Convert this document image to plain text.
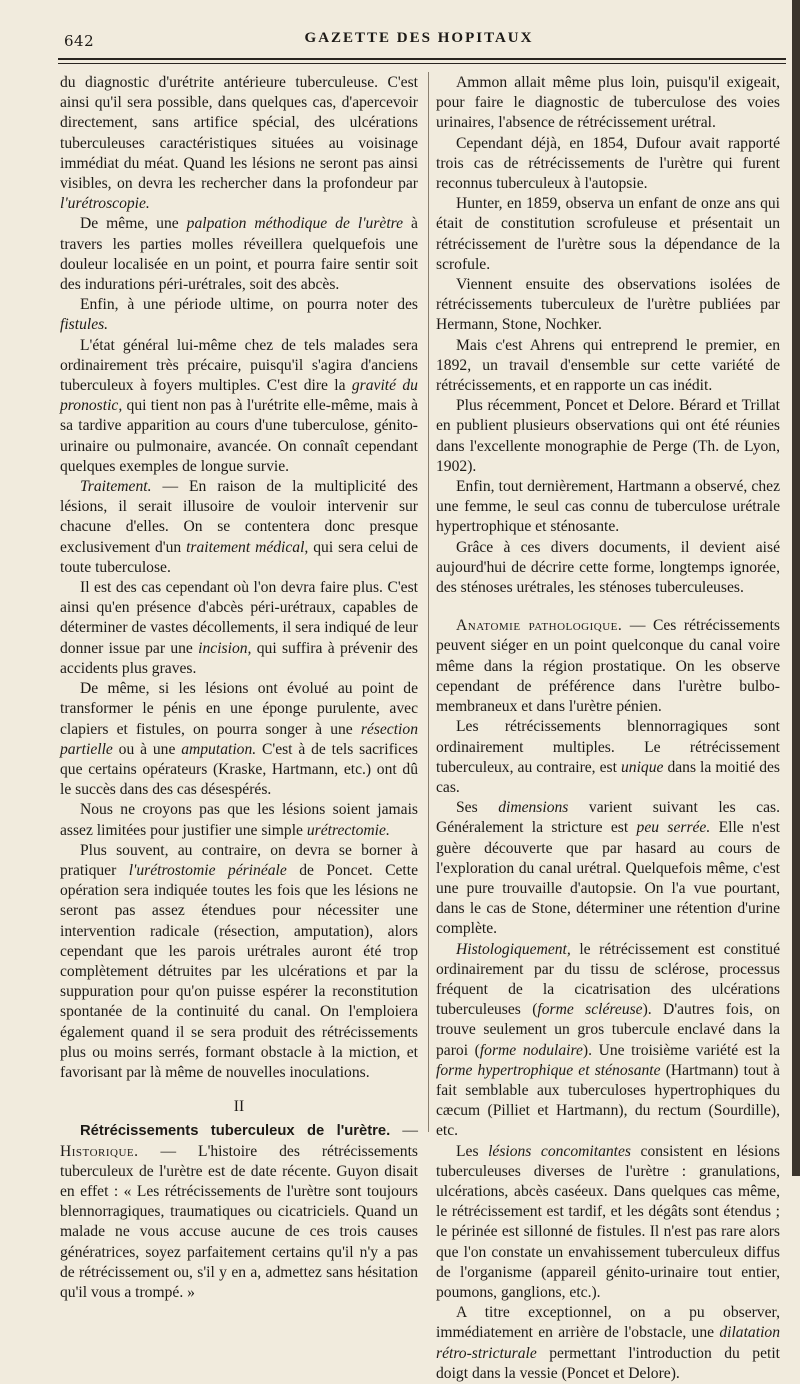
642	GAZETTE DES HOPITAUX

du diagnostic d'urétrite antérieure tuberculeuse. C'est ainsi qu'il sera possible, dans quelques cas, d'apercevoir directement, sans artifice spécial, des ulcérations tuberculeuses caractéristiques situées au voisinage immédiat du méat. Quand les lésions ne seront pas ainsi visibles, on devra les rechercher dans la profondeur par l'urétroscopie.

De même, une palpation méthodique de l'urètre à travers les parties molles réveillera quelquefois une douleur localisée en un point, et pourra faire sentir soit des indurations péri-urétrales, soit des abcès.

Enfin, à une période ultime, on pourra noter des fistules.

L'état général lui-même chez de tels malades sera ordinairement très précaire, puisqu'il s'agira d'anciens tuberculeux à foyers multiples. C'est dire la gravité du pronostic, qui tient non pas à l'urétrite elle-même, mais à sa tardive apparition au cours d'une tuberculose, génito-urinaire ou pulmonaire, avancée. On connaît cependant quelques exemples de longue survie.

Traitement. — En raison de la multiplicité des lésions, il serait illusoire de vouloir intervenir sur chacune d'elles. On se contentera donc presque exclusivement d'un traitement médical, qui sera celui de toute tuberculose.

Il est des cas cependant où l'on devra faire plus. C'est ainsi qu'en présence d'abcès péri-urétraux, capables de déterminer de vastes décollements, il sera indiqué de leur donner issue par une incision, qui suffira à prévenir des accidents plus graves.

De même, si les lésions ont évolué au point de transformer le pénis en une éponge purulente, avec clapiers et fistules, on pourra songer à une résection partielle ou à une amputation. C'est à de tels sacrifices que certains opérateurs (Kraske, Hartmann, etc.) ont dû le succès dans des cas désespérés.

Nous ne croyons pas que les lésions soient jamais assez limitées pour justifier une simple urétrectomie.

Plus souvent, au contraire, on devra se borner à pratiquer l'urétrostomie périnéale de Poncet. Cette opération sera indiquée toutes les fois que les lésions ne seront pas assez étendues pour nécessiter une intervention radicale (résection, amputation), alors cependant que les parois urétrales auront été trop complètement détruites par les ulcérations et par la suppuration pour qu'on puisse espérer la reconstitution spontanée de la continuité du canal. On l'emploiera également quand il se sera produit des rétrécissements plus ou moins serrés, formant obstacle à la miction, et favorisant par là même de nouvelles inoculations.

II

Rétrécissements tuberculeux de l'urètre. — Historique. — L'histoire des rétrécissements tuberculeux de l'urètre est de date récente. Guyon disait en effet : « Les rétrécissements de l'urètre sont toujours blennorragiques, traumatiques ou cicatriciels. Quand un malade ne vous accuse aucune de ces trois causes génératrices, soyez parfaitement certains qu'il n'y a pas de rétrécissement ou, s'il y en a, admettez sans hésitation qu'il vous a trompé. »

Ammon allait même plus loin, puisqu'il exigeait, pour faire le diagnostic de tuberculose des voies urinaires, l'absence de rétrécissement urétral.

Cependant déjà, en 1854, Dufour avait rapporté trois cas de rétrécissements de l'urètre qui furent reconnus tuberculeux à l'autopsie.

Hunter, en 1859, observa un enfant de onze ans qui était de constitution scrofuleuse et présentait un rétrécissement de l'urètre sous la dépendance de la scrofule.

Viennent ensuite des observations isolées de rétrécissements tuberculeux de l'urètre publiées par Hermann, Stone, Nochker.

Mais c'est Ahrens qui entreprend le premier, en 1892, un travail d'ensemble sur cette variété de rétrécissements, et en rapporte un cas inédit.

Plus récemment, Poncet et Delore. Bérard et Trillat en publient plusieurs observations qui ont été réunies dans l'excellente monographie de Perge (Th. de Lyon, 1902).

Enfin, tout dernièrement, Hartmann a observé, chez une femme, le seul cas connu de tuberculose urétrale hypertrophique et sténosante.

Grâce à ces divers documents, il devient aisé aujourd'hui de décrire cette forme, longtemps ignorée, des sténoses urétrales, les sténoses tuberculeuses.

Anatomie pathologique. — Ces rétrécissements peuvent siéger en un point quelconque du canal voire même dans la région prostatique. On les observe cependant de préférence dans l'urètre bulbo-membraneux et dans l'urètre pénien.

Les rétrécissements blennorragiques sont ordinairement multiples. Le rétrécissement tuberculeux, au contraire, est unique dans la moitié des cas.

Ses dimensions varient suivant les cas. Généralement la stricture est peu serrée. Elle n'est guère découverte que par hasard au cours de l'exploration du canal urétral. Quelquefois même, c'est une pure trouvaille d'autopsie. On l'a vue pourtant, dans le cas de Stone, déterminer une rétention d'urine complète.

Histologiquement, le rétrécissement est constitué ordinairement par du tissu de sclérose, processus fréquent de la cicatrisation des ulcérations tuberculeuses (forme scléreuse). D'autres fois, on trouve seulement un gros tubercule enclavé dans la paroi (forme nodulaire). Une troisième variété est la forme hypertrophique et sténosante (Hartmann) tout à fait semblable aux tuberculoses hypertrophiques du cæcum (Pilliet et Hartmann), du rectum (Sourdille), etc.

Les lésions concomitantes consistent en lésions tuberculeuses diverses de l'urètre : granulations, ulcérations, abcès caséeux. Dans quelques cas même, le rétrécissement est tardif, et les dégâts sont étendus ; le périnée est sillonné de fistules. Il n'est pas rare alors que l'on constate un envahissement tuberculeux diffus de l'organisme (appareil génito-urinaire tout entier, poumons, ganglions, etc.).

A titre exceptionnel, on a pu observer, immédiatement en arrière de l'obstacle, une dilatation rétro-stricturale permettant l'introduction du petit doigt dans la vessie (Poncet et Delore).
